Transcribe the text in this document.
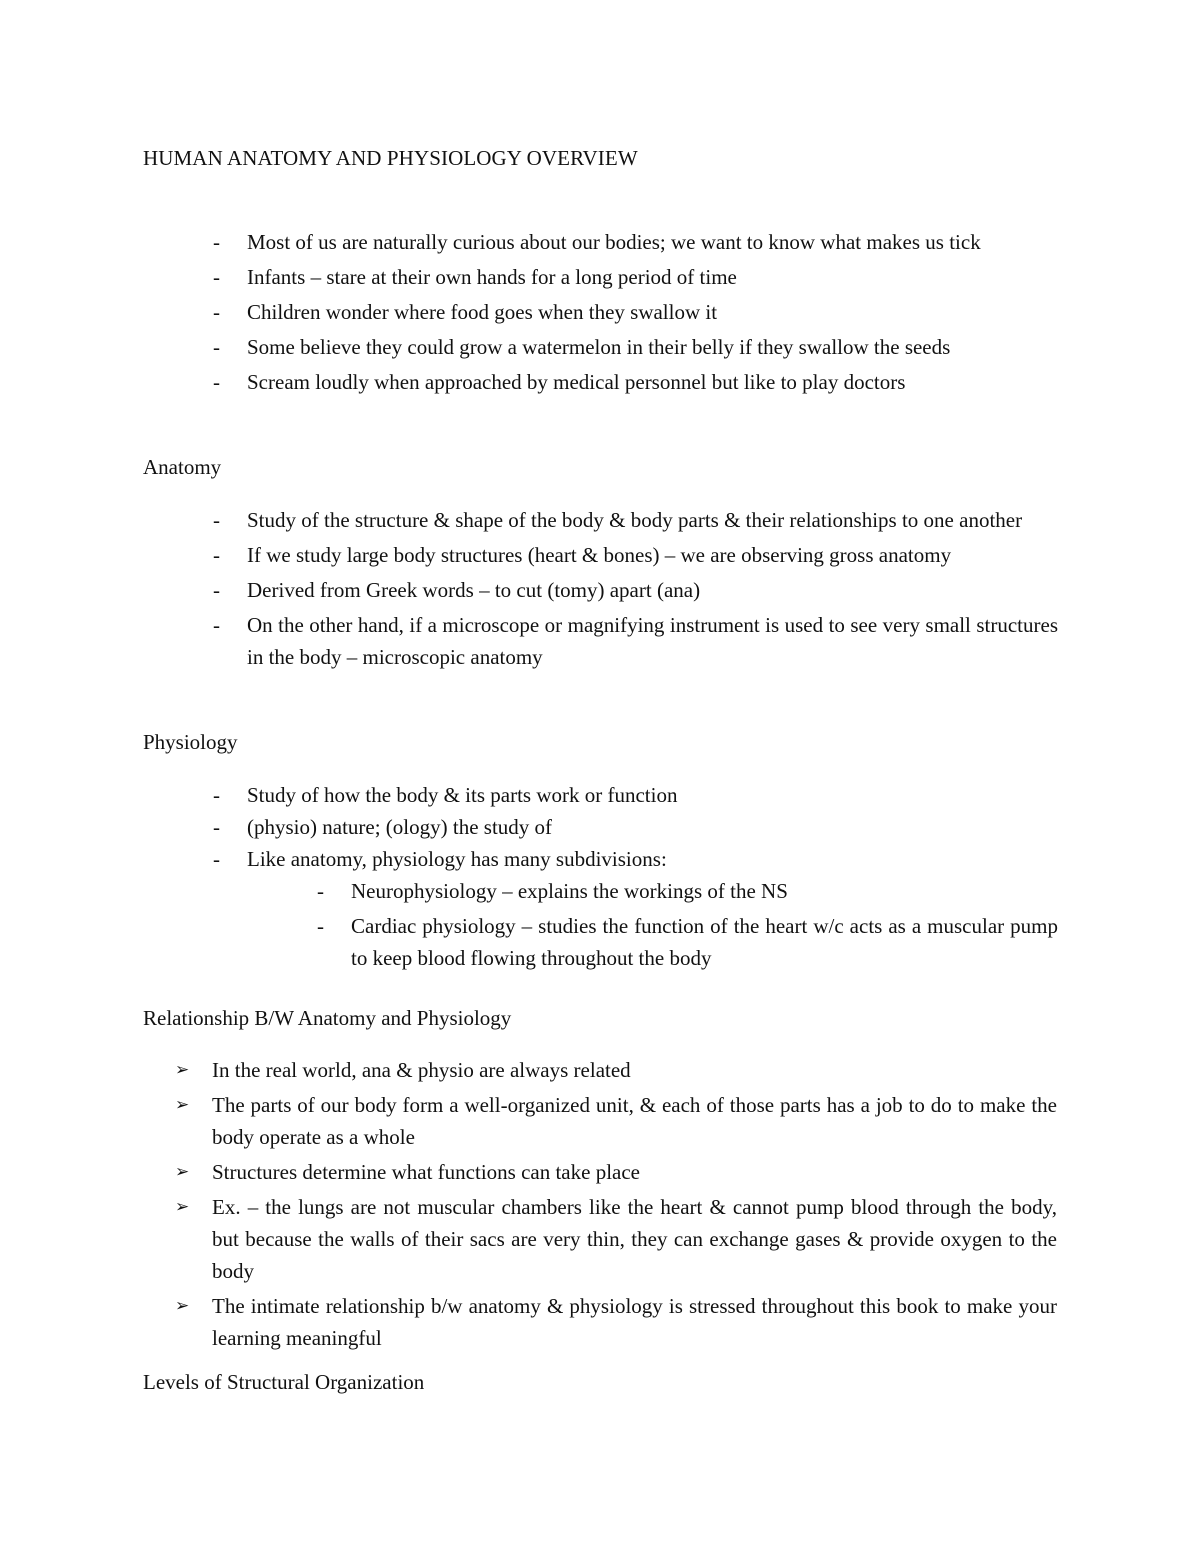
HUMAN ANATOMY AND PHYSIOLOGY OVERVIEW
- Most of us are naturally curious about our bodies; we want to know what makes us tick
- Infants – stare at their own hands for a long period of time
- Children wonder where food goes when they swallow it
- Some believe they could grow a watermelon in their belly if they swallow the seeds
- Scream loudly when approached by medical personnel but like to play doctors
Anatomy
- Study of the structure & shape of the body & body parts & their relationships to one another
- If we study large body structures (heart & bones) – we are observing gross anatomy
- Derived from Greek words – to cut (tomy) apart (ana)
- On the other hand, if a microscope or magnifying instrument is used to see very small structures in the body – microscopic anatomy
Physiology
- Study of how the body & its parts work or function
- (physio) nature; (ology) the study of
- Like anatomy, physiology has many subdivisions:
- Neurophysiology – explains the workings of the NS
- Cardiac physiology – studies the function of the heart w/c acts as a muscular pump to keep blood flowing throughout the body
Relationship B/W Anatomy and Physiology
➢ In the real world, ana & physio are always related
➢ The parts of our body form a well-organized unit, & each of those parts has a job to do to make the body operate as a whole
➢ Structures determine what functions can take place
➢ Ex. – the lungs are not muscular chambers like the heart & cannot pump blood through the body, but because the walls of their sacs are very thin, they can exchange gases & provide oxygen to the body
➢ The intimate relationship b/w anatomy & physiology is stressed throughout this book to make your learning meaningful
Levels of Structural Organization
